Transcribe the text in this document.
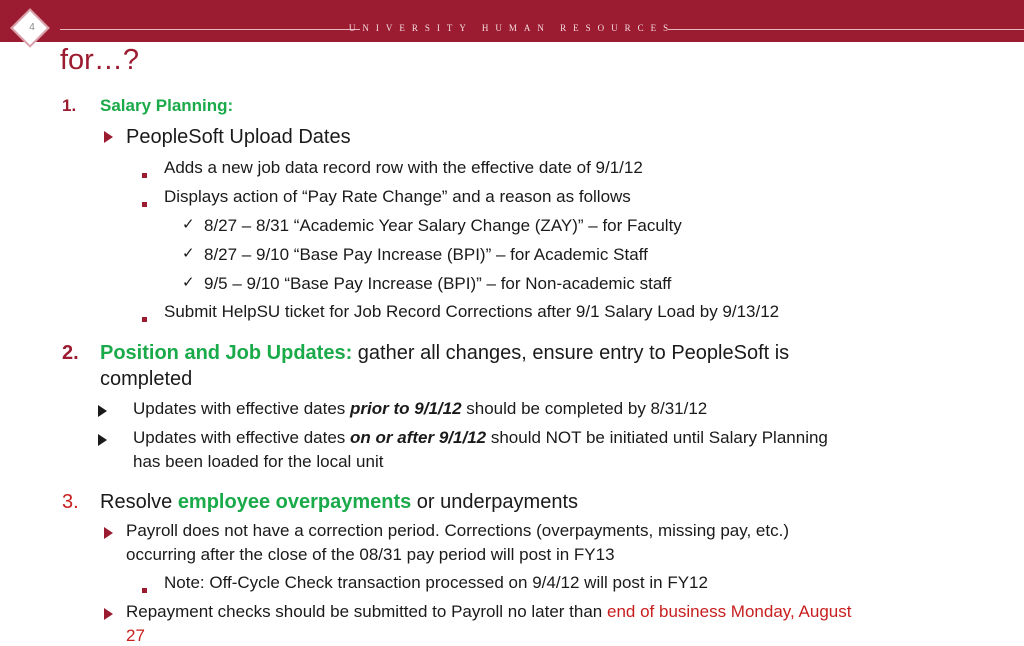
UNIVERSITY HUMAN RESOURCES
4
for…?
1. Salary Planning:
PeopleSoft Upload Dates
Adds a new job data record row with the effective date of 9/1/12
Displays action of “Pay Rate Change” and a reason as follows
✓ 8/27 – 8/31 “Academic Year Salary Change (ZAY)” – for Faculty
✓ 8/27 – 9/10 “Base Pay Increase (BPI)” – for Academic Staff
✓ 9/5 – 9/10 “Base Pay Increase (BPI)” – for Non-academic staff
Submit HelpSU ticket for Job Record Corrections after 9/1 Salary Load by 9/13/12
2. Position and Job Updates: gather all changes, ensure entry to PeopleSoft is
completed
Updates with effective dates prior to 9/1/12 should be completed by 8/31/12
Updates with effective dates on or after 9/1/12 should NOT be initiated until Salary Planning
has been loaded for the local unit
3. Resolve employee overpayments or underpayments
Payroll does not have a correction period. Corrections (overpayments, missing pay, etc.)
occurring after the close of the 08/31 pay period will post in FY13
Note: Off-Cycle Check transaction processed on 9/4/12 will post in FY12
Repayment checks should be submitted to Payroll no later than end of business Monday, August
27
